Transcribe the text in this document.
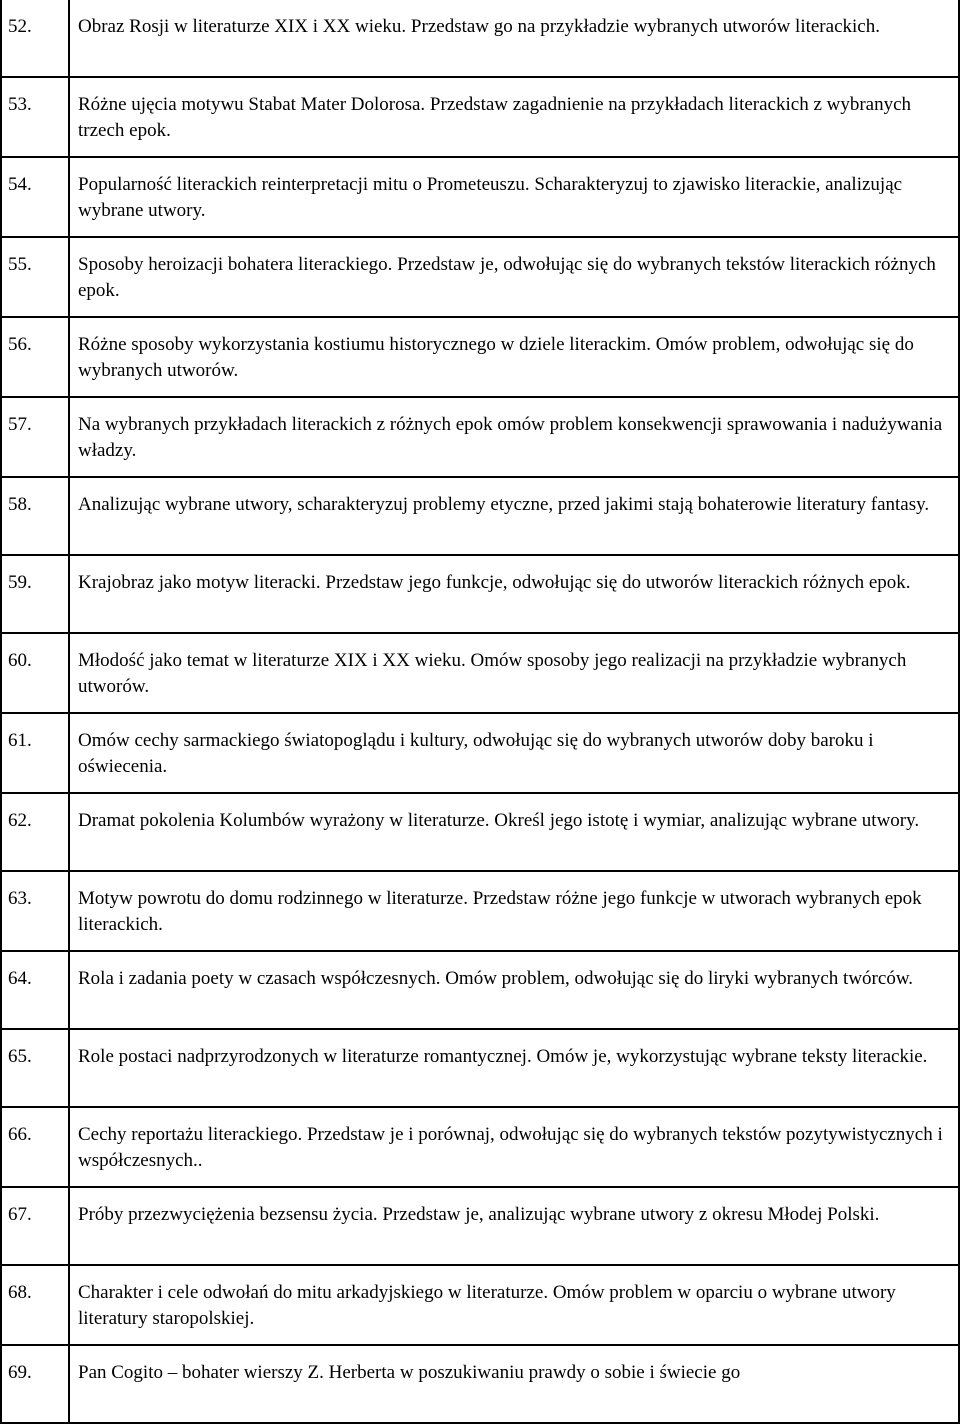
52.	Obraz Rosji w literaturze XIX i XX wieku. Przedstaw go na przykładzie wybranych utworów literackich.
53.	Różne ujęcia motywu Stabat Mater Dolorosa. Przedstaw zagadnienie na przykładach literackich z wybranych trzech epok.
54.	Popularność literackich reinterpretacji mitu o Prometeuszu. Scharakteryzuj to zjawisko literackie, analizując wybrane utwory.
55.	Sposoby heroizacji bohatera literackiego. Przedstaw je, odwołując się do wybranych tekstów literackich różnych epok.
56.	Różne sposoby wykorzystania kostiumu historycznego w dziele literackim. Omów problem, odwołując się do wybranych utworów.
57.	Na wybranych przykładach literackich z różnych epok omów problem konsekwencji sprawowania i nadużywania władzy.
58.	Analizując wybrane utwory, scharakteryzuj problemy etyczne, przed jakimi stają bohaterowie literatury fantasy.
59.	Krajobraz jako motyw literacki. Przedstaw jego funkcje, odwołując się do utworów literackich różnych epok.
60.	Młodość jako temat w literaturze XIX i XX wieku. Omów sposoby jego realizacji na przykładzie wybranych utworów.
61.	Omów cechy sarmackiego światopoglądu i kultury, odwołując się do wybranych utworów doby baroku i oświecenia.
62.	Dramat pokolenia Kolumbów wyrażony w literaturze. Określ jego istotę i wymiar, analizując wybrane utwory.
63.	Motyw powrotu do domu rodzinnego w literaturze. Przedstaw różne jego funkcje w utworach wybranych epok literackich.
64.	Rola i zadania poety w czasach współczesnych. Omów problem, odwołując się do liryki wybranych twórców.
65.	Role postaci nadprzyrodzonych w literaturze romantycznej. Omów je, wykorzystując wybrane teksty literackie.
66.	Cechy reportażu literackiego. Przedstaw je i porównaj, odwołując się do wybranych tekstów pozytywistycznych i współczesnych..
67.	Próby przezwyciężenia bezsensu życia. Przedstaw je, analizując wybrane utwory z okresu Młodej Polski.
68.	Charakter i cele odwołań do mitu arkadyjskiego w literaturze. Omów problem w oparciu o wybrane utwory literatury staropolskiej.
69.	Pan Cogito – bohater wierszy Z. Herberta w poszukiwaniu prawdy o sobie i świecie go
